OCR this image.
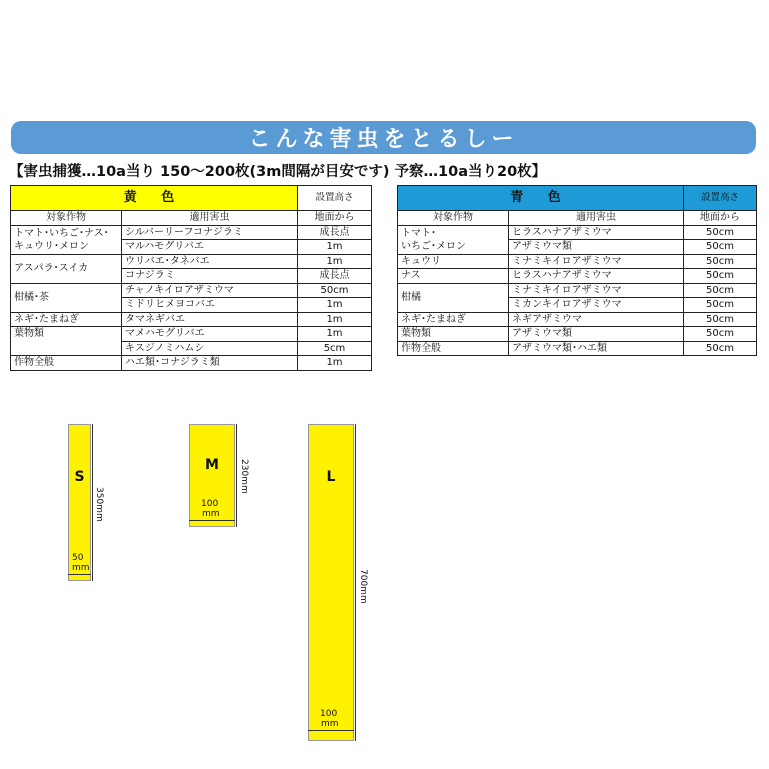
こんな害虫をとるしー
【害虫捕獲…10a当り 150〜200枚(3m間隔が目安です) 予察…10a当り20枚】
黄 色		設置高さ
対象作物	適用害虫	地面から
トマト･いちご･ナス･
キュウリ･メロン	シルバーリーフコナジラミ	成長点
	マルハモグリバエ	1m
アスパラ･スイカ	ウリバエ･タネバエ	1m
	コナジラミ	成長点
柑橘･茶	チャノキイロアザミウマ	50cm
	ミドリヒメヨコバエ	1m
ネギ･たまねぎ	タマネギバエ	1m
葉物類	マメハモグリバエ	1m
	キスジノミハムシ	5cm
作物全般	ハエ類･コナジラミ類	1m
青 色		設置高さ
対象作物	適用害虫	地面から
トマト･
いちご･メロン	ヒラスハナアザミウマ	50cm
	アザミウマ類	50cm
キュウリ	ミナミキイロアザミウマ	50cm
ナス	ヒラスハナアザミウマ	50cm
柑橘	ミナミキイロアザミウマ	50cm
	ミカンキイロアザミウマ	50cm
ネギ･たまねぎ	ネギアザミウマ	50cm
葉物類	アザミウマ類	50cm

作物全般	アザミウマ類･ハエ類	50cm
S
350mm
50
mm
M	230mm
100
mm
L
700mm
100
mm
